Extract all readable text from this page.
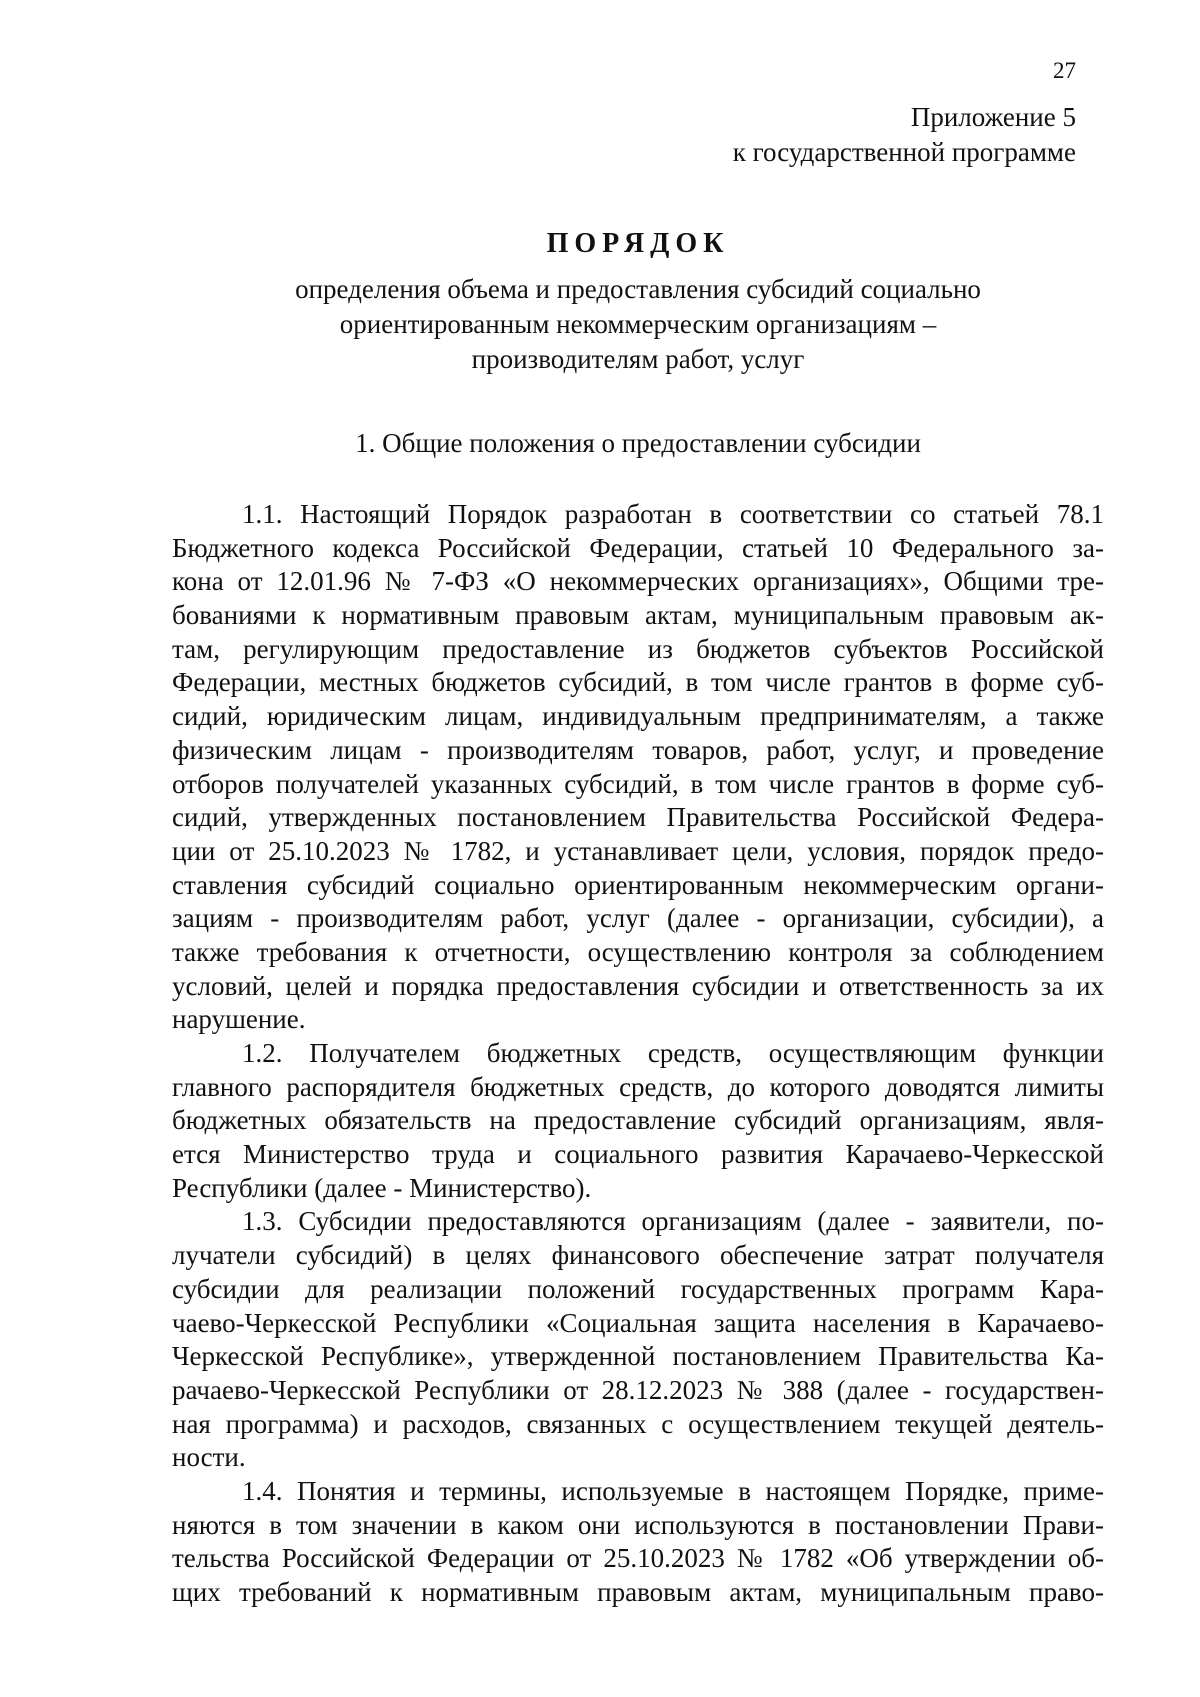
27
Приложение 5
к государственной программе
ПОРЯДОК
определения объема и предоставления субсидий социально
ориентированным некоммерческим организациям –
производителям работ, услуг
1. Общие положения о предоставлении субсидии
1.1. Настоящий Порядок разработан в соответствии со статьей 78.1
Бюджетного кодекса Российской Федерации, статьей 10 Федерального за-
кона от 12.01.96 № 7-ФЗ «О некоммерческих организациях», Общими тре-
бованиями к нормативным правовым актам, муниципальным правовым ак-
там, регулирующим предоставление из бюджетов субъектов Российской
Федерации, местных бюджетов субсидий, в том числе грантов в форме суб-
сидий, юридическим лицам, индивидуальным предпринимателям, а также
физическим лицам - производителям товаров, работ, услуг, и проведение
отборов получателей указанных субсидий, в том числе грантов в форме суб-
сидий, утвержденных постановлением Правительства Российской Федера-
ции от 25.10.2023 № 1782, и устанавливает цели, условия, порядок предо-
ставления субсидий социально ориентированным некоммерческим органи-
зациям - производителям работ, услуг (далее - организации, субсидии), а
также требования к отчетности, осуществлению контроля за соблюдением
условий, целей и порядка предоставления субсидии и ответственность за их
нарушение.
1.2. Получателем бюджетных средств, осуществляющим функции
главного распорядителя бюджетных средств, до которого доводятся лимиты
бюджетных обязательств на предоставление субсидий организациям, явля-
ется Министерство труда и социального развития Карачаево-Черкесской
Республики (далее - Министерство).
1.3. Субсидии предоставляются организациям (далее - заявители, по-
лучатели субсидий) в целях финансового обеспечение затрат получателя
субсидии для реализации положений государственных программ Кара-
чаево-Черкесской Республики «Социальная защита населения в Карачаево-
Черкесской Республике», утвержденной постановлением Правительства Ка-
рачаево-Черкесской Республики от 28.12.2023 № 388 (далее - государствен-
ная программа) и расходов, связанных с осуществлением текущей деятель-
ности.
1.4. Понятия и термины, используемые в настоящем Порядке, приме-
няются в том значении в каком они используются в постановлении Прави-
тельства Российской Федерации от 25.10.2023 № 1782 «Об утверждении об-
щих требований к нормативным правовым актам, муниципальным право-
